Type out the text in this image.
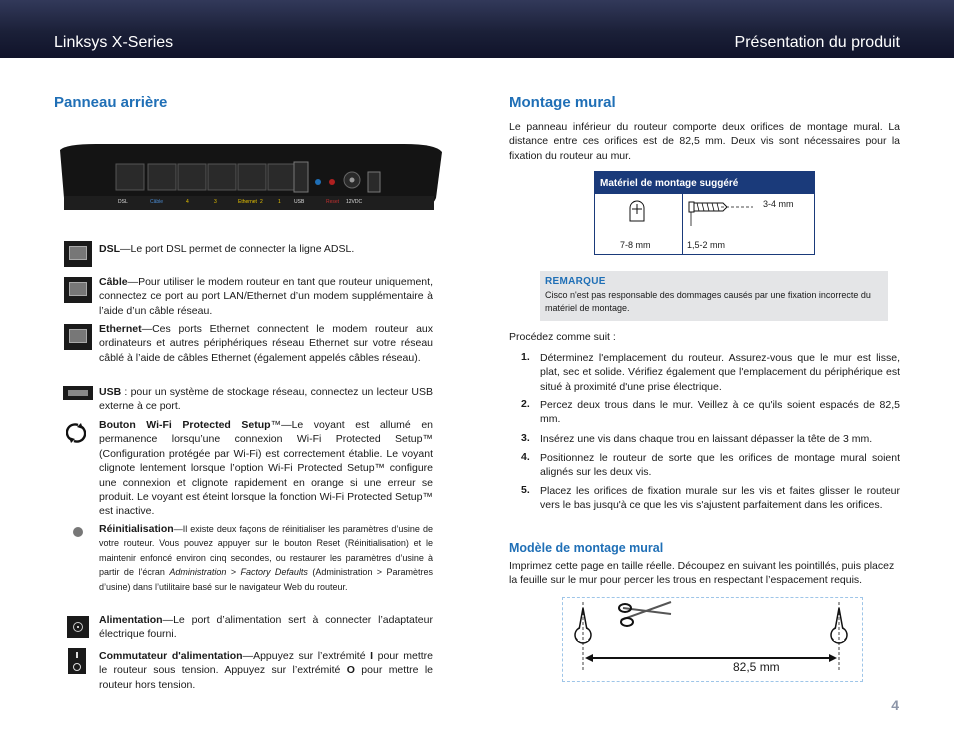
Linksys X-Series	Présentation du produit
Panneau arrière
DSL	Câble	4	3	Ethernet 2	1	USB	Reset 12VDC
DSL—Le port DSL permet de connecter la ligne ADSL.
Câble—Pour utiliser le modem routeur en tant que routeur uniquement, connectez ce port au port LAN/Ethernet d’un modem supplémentaire à l’aide d’un câble réseau.
Ethernet—Ces ports Ethernet connectent le modem routeur aux ordinateurs et autres périphériques réseau Ethernet sur votre réseau câblé à l’aide de câbles Ethernet (également appelés câbles réseau).
USB : pour un système de stockage réseau, connectez un lecteur USB externe à ce port.
Bouton Wi-Fi Protected Setup™—Le voyant est allumé en permanence lorsqu’une connexion Wi-Fi Protected Setup™ (Configuration protégée par Wi-Fi) est correctement établie. Le voyant clignote lentement lorsque l’option Wi-Fi Protected Setup™ configure une connexion et clignote rapidement en orange si une erreur se produit. Le voyant est éteint lorsque la fonction Wi-Fi Protected Setup™ est inactive.
Réinitialisation—Il existe deux façons de réinitialiser les paramètres d’usine de votre routeur. Vous pouvez appuyer sur le bouton Reset (Réinitialisation) et le maintenir enfoncé environ cinq secondes, ou restaurer les paramètres d’usine à partir de l’écran Administration > Factory Defaults (Administration > Paramètres d’usine) dans l’utilitaire basé sur le navigateur Web du routeur.
Alimentation—Le port d’alimentation sert à connecter l’adaptateur électrique fourni.
Commutateur d'alimentation—Appuyez sur l’extrémité I pour mettre le routeur sous tension. Appuyez sur l’extrémité O pour mettre le routeur hors tension.
Montage mural
Le panneau inférieur du routeur comporte deux orifices de montage mural. La distance entre ces orifices est de 82,5 mm. Deux vis sont nécessaires pour la fixation du routeur au mur.
Matériel de montage suggéré
7-8 mm
3-4 mm
1,5-2 mm
REMARQUE
Cisco n'est pas responsable des dommages causés par une fixation incorrecte du matériel de montage.
Procédez comme suit :
1. Déterminez l'emplacement du routeur. Assurez-vous que le mur est lisse, plat, sec et solide. Vérifiez également que l'emplacement du périphérique est situé à proximité d'une prise électrique.
2. Percez deux trous dans le mur. Veillez à ce qu'ils soient espacés de 82,5 mm.
3. Insérez une vis dans chaque trou en laissant dépasser la tête de 3 mm.
4. Positionnez le routeur de sorte que les orifices de montage mural soient alignés sur les deux vis.
5. Placez les orifices de fixation murale sur les vis et faites glisser le routeur vers le bas jusqu'à ce que les vis s'ajustent parfaitement dans les orifices.
Modèle de montage mural
Imprimez cette page en taille réelle. Découpez en suivant les pointillés, puis placez la feuille sur le mur pour percer les trous en respectant l’espacement requis.
82,5 mm
4
